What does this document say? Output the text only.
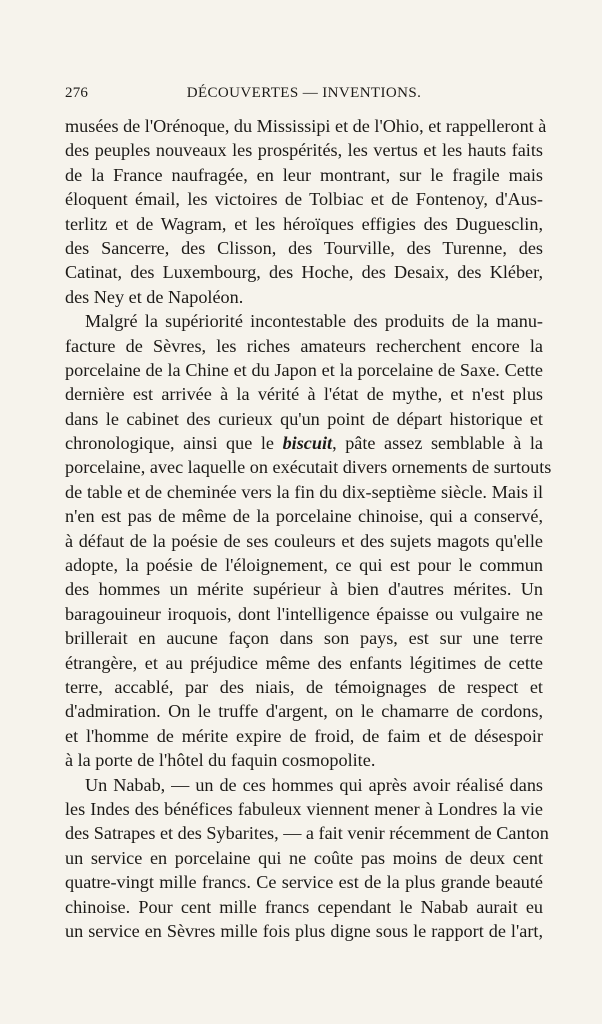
276	DÉCOUVERTES — INVENTIONS.
musées de l'Orénoque, du Mississipi et de l'Ohio, et rappelleront à
des peuples nouveaux les prospérités, les vertus et les hauts faits
de la France naufragée, en leur montrant, sur le fragile mais
éloquent émail, les victoires de Tolbiac et de Fontenoy, d'Aus-
terlitz et de Wagram, et les héroïques effigies des Duguesclin,
des Sancerre, des Clisson, des Tourville, des Turenne, des
Catinat, des Luxembourg, des Hoche, des Desaix, des Kléber,
des Ney et de Napoléon.
Malgré la supériorité incontestable des produits de la manu-
facture de Sèvres, les riches amateurs recherchent encore la
porcelaine de la Chine et du Japon et la porcelaine de Saxe. Cette
dernière est arrivée à la vérité à l'état de mythe, et n'est plus
dans le cabinet des curieux qu'un point de départ historique et
chronologique, ainsi que le biscuit, pâte assez semblable à la
porcelaine, avec laquelle on exécutait divers ornements de surtouts
de table et de cheminée vers la fin du dix-septième siècle. Mais il
n'en est pas de même de la porcelaine chinoise, qui a conservé,
à défaut de la poésie de ses couleurs et des sujets magots qu'elle
adopte, la poésie de l'éloignement, ce qui est pour le commun
des hommes un mérite supérieur à bien d'autres mérites. Un
baragouineur iroquois, dont l'intelligence épaisse ou vulgaire ne
brillerait en aucune façon dans son pays, est sur une terre
étrangère, et au préjudice même des enfants légitimes de cette
terre, accablé, par des niais, de témoignages de respect et
d'admiration. On le truffe d'argent, on le chamarre de cordons,
et l'homme de mérite expire de froid, de faim et de désespoir
à la porte de l'hôtel du faquin cosmopolite.
Un Nabab, — un de ces hommes qui après avoir réalisé dans
les Indes des bénéfices fabuleux viennent mener à Londres la vie
des Satrapes et des Sybarites, — a fait venir récemment de Canton
un service en porcelaine qui ne coûte pas moins de deux cent
quatre-vingt mille francs. Ce service est de la plus grande beauté
chinoise. Pour cent mille francs cependant le Nabab aurait eu
un service en Sèvres mille fois plus digne sous le rapport de l'art,
